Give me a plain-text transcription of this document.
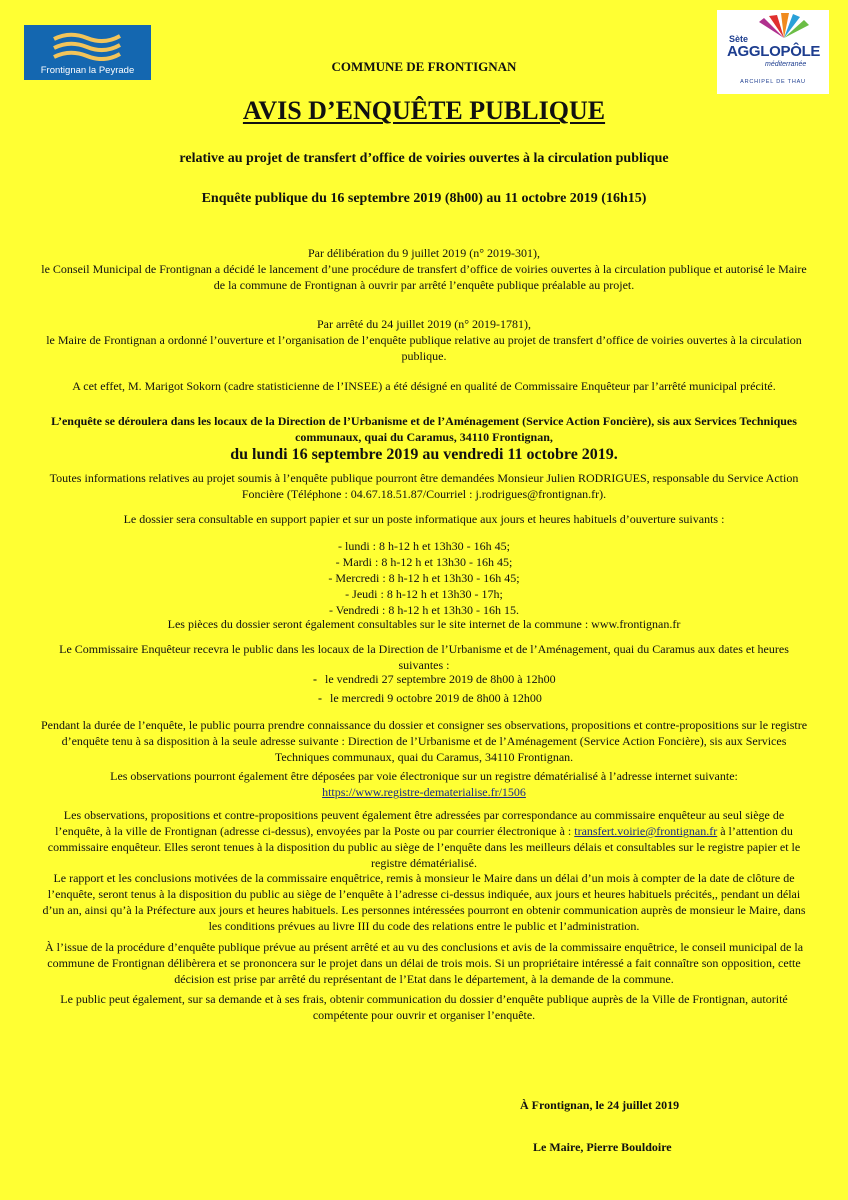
Frontignan la Peyrade
Sète
AGGLOPÔLE
méditerranée
ARCHIPEL DE THAU
COMMUNE DE FRONTIGNAN
AVIS D’ENQUÊTE PUBLIQUE
relative au projet de transfert d’office de voiries ouvertes à la circulation publique
Enquête publique du 16 septembre 2019 (8h00) au 11 octobre 2019 (16h15)
Par délibération du 9 juillet 2019 (n° 2019-301),
le Conseil Municipal de Frontignan a décidé le lancement d’une procédure de transfert d’office de voiries ouvertes à la circulation publique et autorisé le Maire de la commune de Frontignan à ouvrir par arrêté l’enquête publique préalable au projet.
Par arrêté du 24 juillet 2019 (n° 2019-1781),
le Maire de Frontignan a ordonné l’ouverture et l’organisation de l’enquête publique relative au projet de transfert d’office de voiries ouvertes à la circulation publique.
A cet effet, M. Marigot Sokorn (cadre statisticienne de l’INSEE) a été désigné en qualité de Commissaire Enquêteur par l’arrêté municipal précité.
L’enquête se déroulera dans les locaux de la Direction de l’Urbanisme et de l’Aménagement (Service Action Foncière), sis aux Services Techniques communaux, quai du Caramus, 34110 Frontignan,
du lundi 16 septembre 2019 au vendredi 11 octobre 2019.
Toutes informations relatives au projet soumis à l’enquête publique pourront être demandées Monsieur Julien RODRIGUES, responsable du Service Action Foncière (Téléphone : 04.67.18.51.87/Courriel : j.rodrigues@frontignan.fr).
Le dossier sera consultable en support papier et sur un poste informatique aux jours et heures habituels d’ouverture suivants :
- lundi : 8 h-12 h et 13h30 - 16h 45;
- Mardi : 8 h-12 h et 13h30 - 16h 45;
- Mercredi : 8 h-12 h et 13h30 - 16h 45;
- Jeudi : 8 h-12 h et 13h30 - 17h;
- Vendredi : 8 h-12 h et 13h30 - 16h 15.
Les pièces du dossier seront également consultables sur le site internet de la commune : www.frontignan.fr
Le Commissaire Enquêteur recevra le public dans les locaux de la Direction de l’Urbanisme et de l’Aménagement, quai du Caramus aux dates et heures suivantes :
- le vendredi 27 septembre 2019 de 8h00 à 12h00
- le mercredi 9 octobre 2019 de 8h00 à 12h00
Pendant la durée de l’enquête, le public pourra prendre connaissance du dossier et consigner ses observations, propositions et contre-propositions sur le registre d’enquête tenu à sa disposition à la seule adresse suivante : Direction de l’Urbanisme et de l’Aménagement (Service Action Foncière), sis aux Services Techniques communaux, quai du Caramus, 34110 Frontignan.
Les observations pourront également être déposées par voie électronique sur un registre dématérialisé à l’adresse internet suivante:
https://www.registre-dematerialise.fr/1506
Les observations, propositions et contre-propositions peuvent également être adressées par correspondance au commissaire enquêteur au seul siège de l’enquête, à la ville de Frontignan (adresse ci-dessus), envoyées par la Poste ou par courrier électronique à : transfert.voirie@frontignan.fr à l’attention du commissaire enquêteur. Elles seront tenues à la disposition du public au siège de l’enquête dans les meilleurs délais et consultables sur le registre papier et le registre dématérialisé.
Le rapport et les conclusions motivées de la commissaire enquêtrice, remis à monsieur le Maire dans un délai d’un mois à compter de la date de clôture de l’enquête, seront tenus à la disposition du public au siège de l’enquête à l’adresse ci-dessus indiquée, aux jours et heures habituels précités,, pendant un délai d’un an, ainsi qu’à la Préfecture aux jours et heures habituels. Les personnes intéressées pourront en obtenir communication auprès de monsieur le Maire, dans les conditions prévues au livre III du code des relations entre le public et l’administration.
À l’issue de la procédure d’enquête publique prévue au présent arrêté et au vu des conclusions et avis de la commissaire enquêtrice, le conseil municipal de la commune de Frontignan délibèrera et se prononcera sur le projet dans un délai de trois mois. Si un propriétaire intéressé a fait connaître son opposition, cette décision est prise par arrêté du représentant de l’Etat dans le département, à la demande de la commune.
Le public peut également, sur sa demande et à ses frais, obtenir communication du dossier d’enquête publique auprès de la Ville de Frontignan, autorité compétente pour ouvrir et organiser l’enquête.
À Frontignan, le 24 juillet 2019
Le Maire, Pierre Bouldoire
